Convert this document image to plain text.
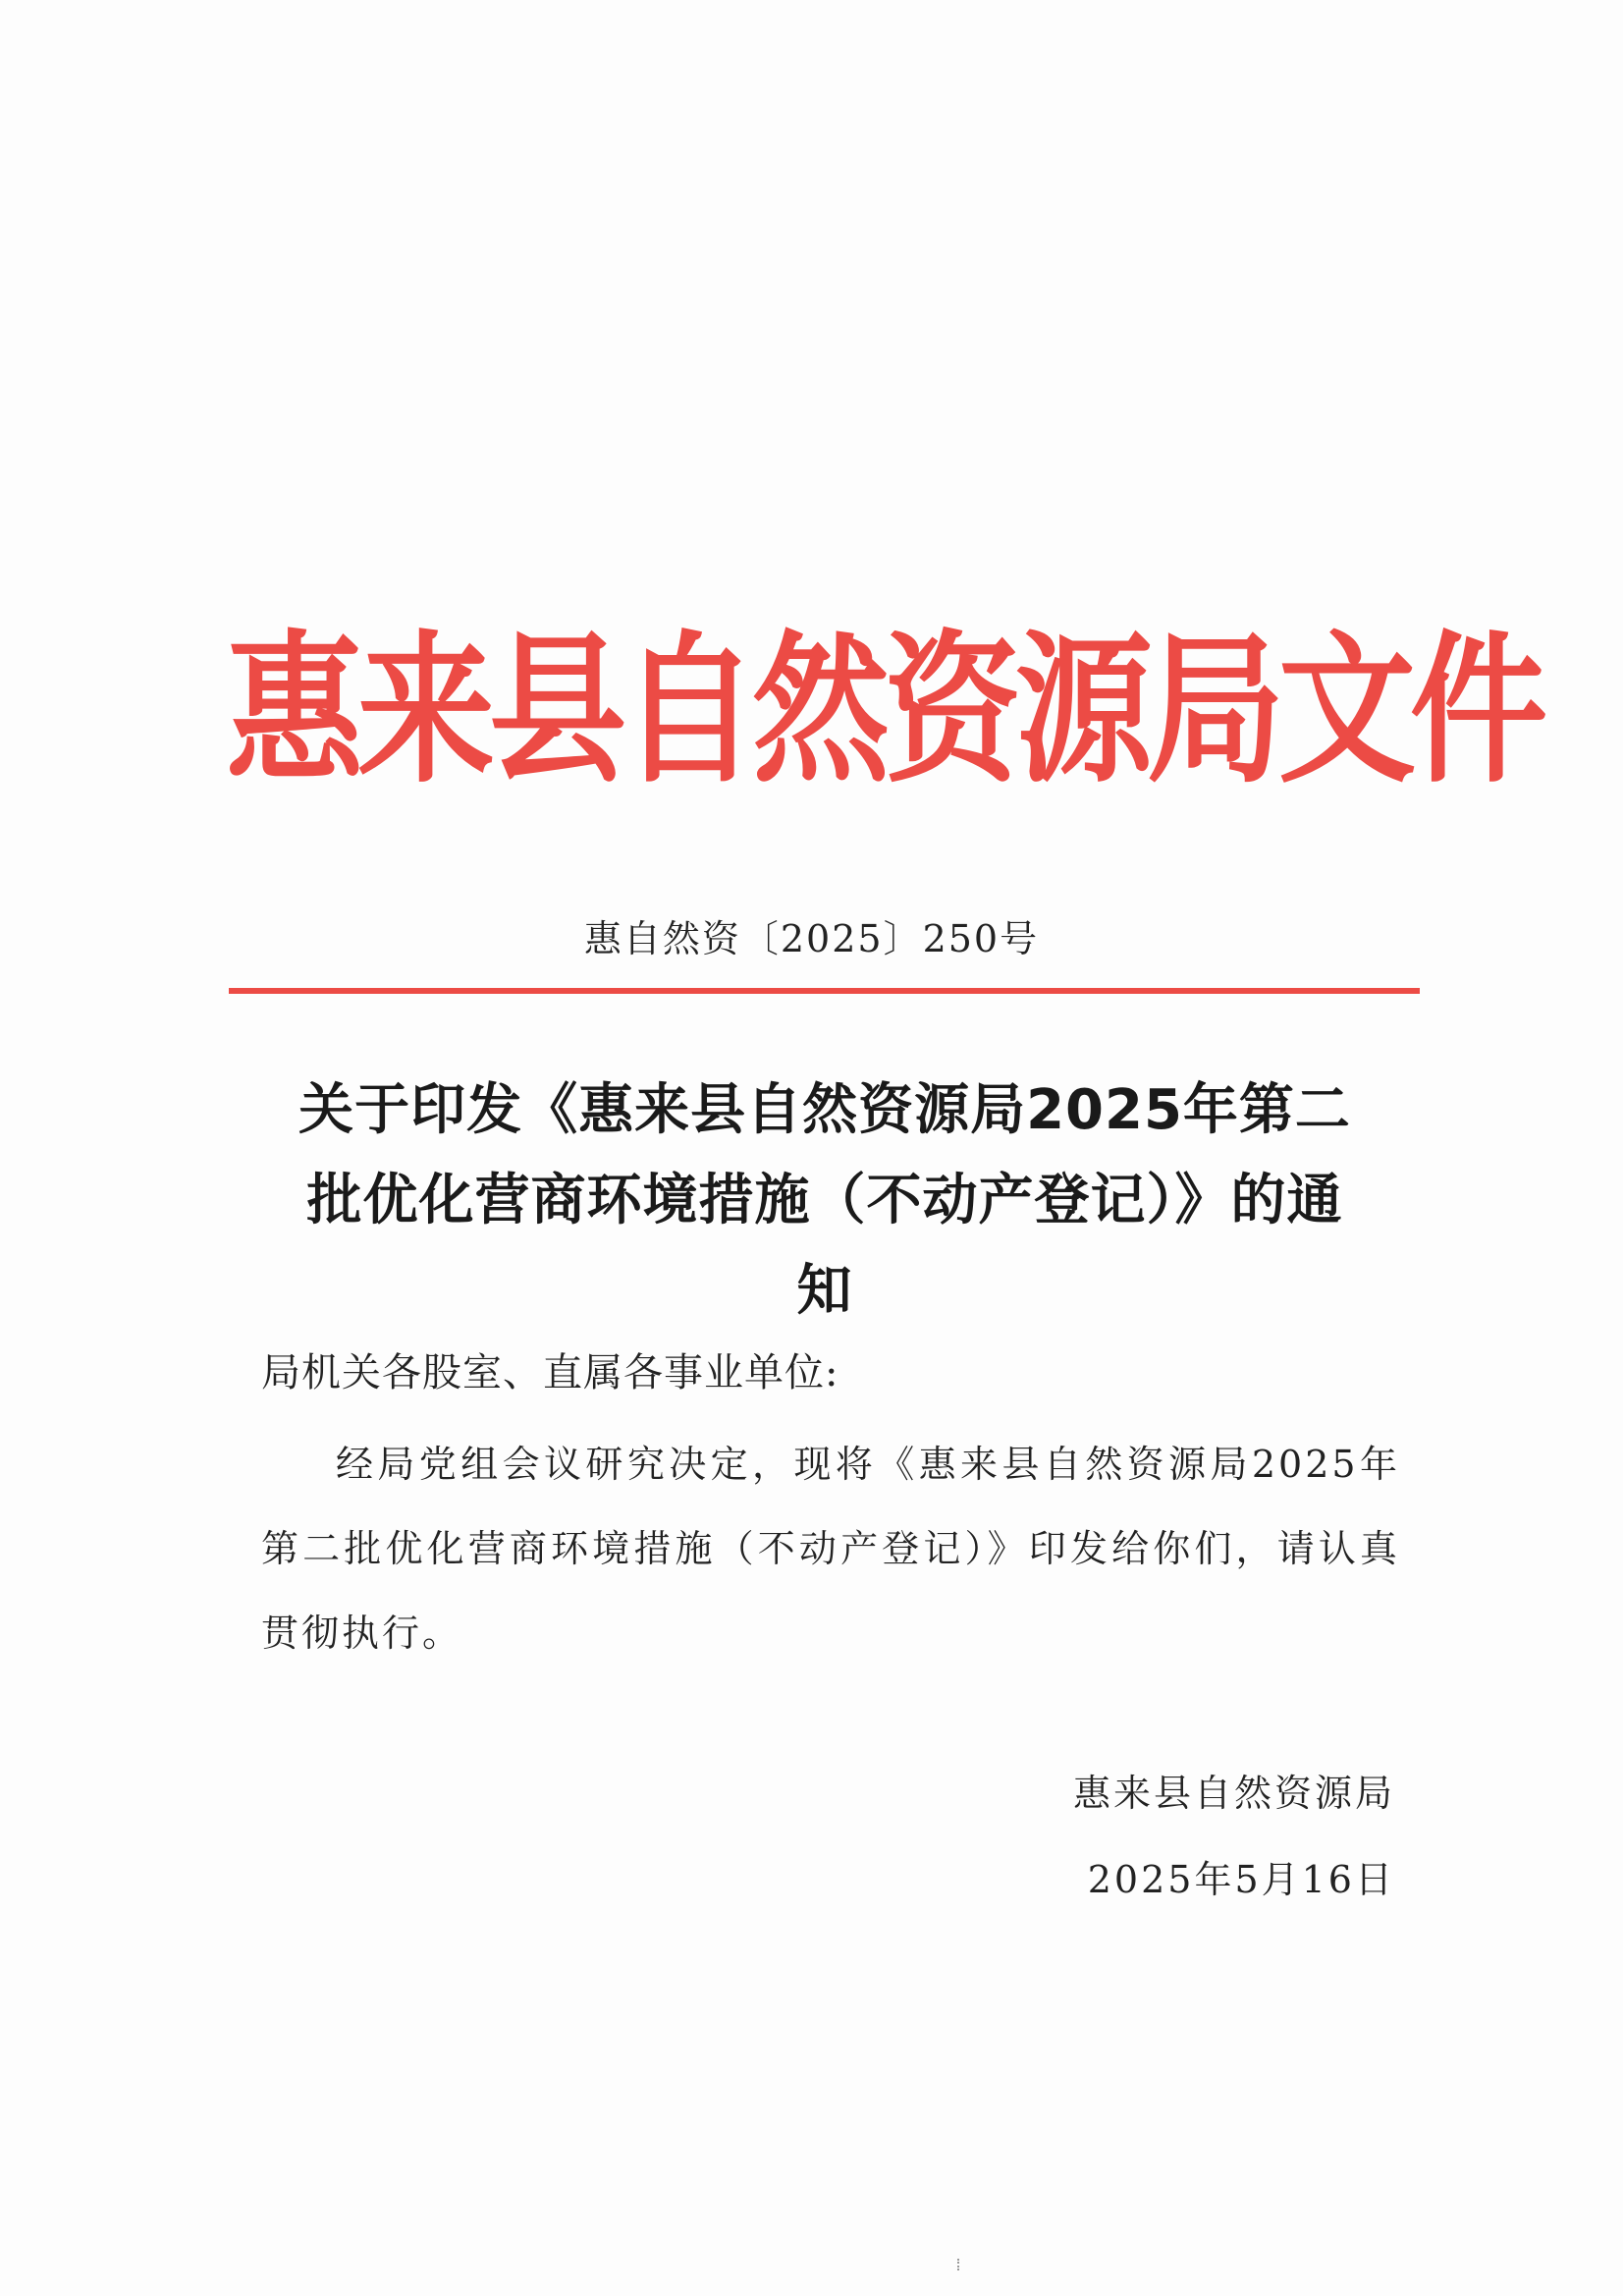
惠来县自然资源局文件
惠自然资〔2025〕250号
关于印发《惠来县自然资源局2025年第二
批优化营商环境措施（不动产登记）》的通
知
局机关各股室、直属各事业单位:
经局党组会议研究决定，现将《惠来县自然资源局2025年第二批优化营商环境措施（不动产登记）》印发给你们，请认真贯彻执行。
惠来县自然资源局
2025年5月16日
